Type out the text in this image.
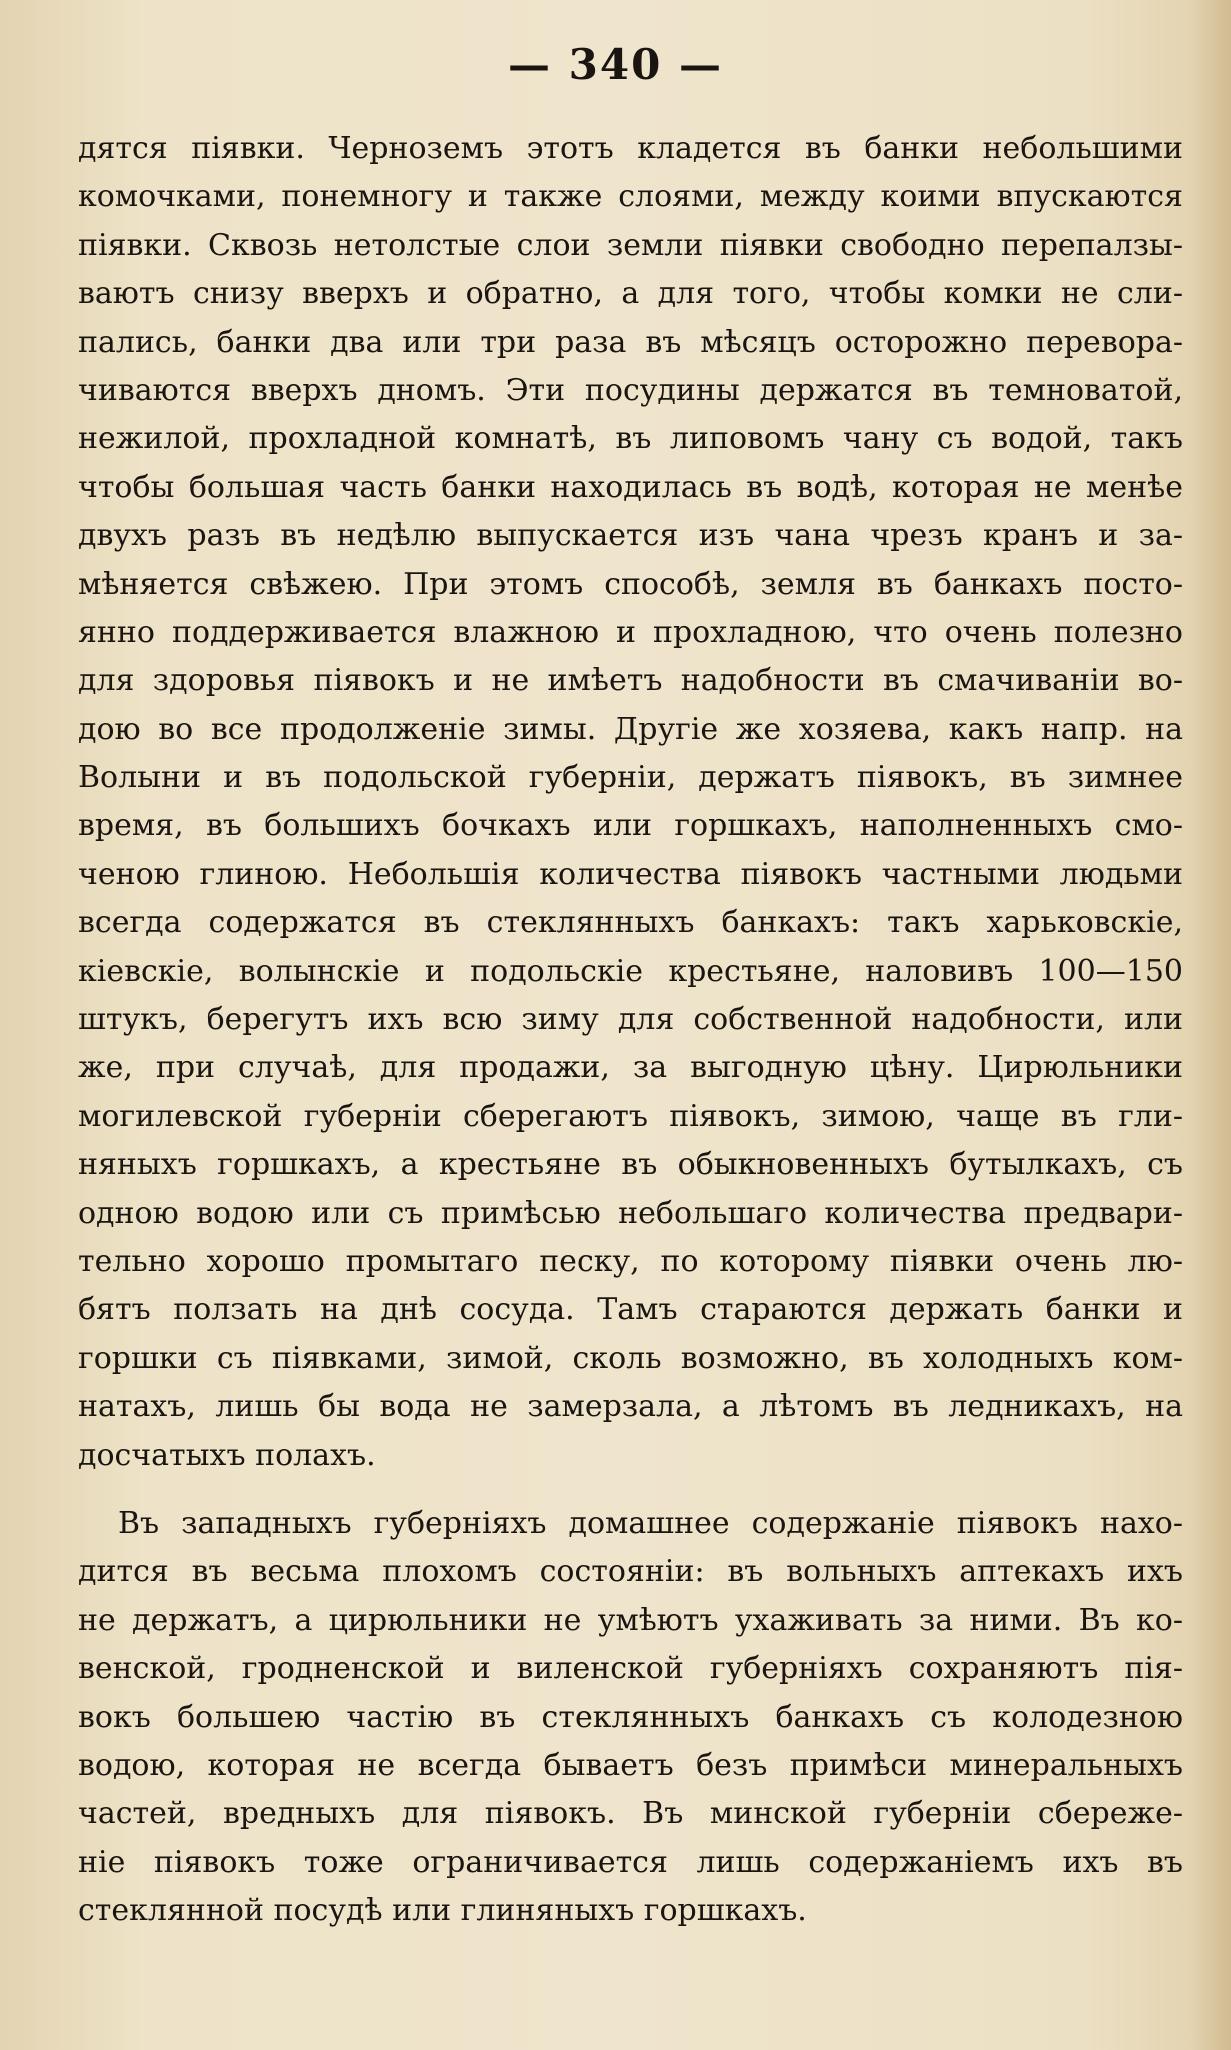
— 340 —
дятся піявки. Черноземъ этотъ кладется въ банки небольшими
комочками, понемногу и также слоями, между коими впускаются
піявки. Сквозь нетолстые слои земли піявки свободно перепалзы-
ваютъ снизу вверхъ и обратно, а для того, чтобы комки не сли-
пались, банки два или три раза въ мѣсяцъ осторожно перевора-
чиваются вверхъ дномъ. Эти посудины держатся въ темноватой,
нежилой, прохладной комнатѣ, въ липовомъ чану съ водой, такъ
чтобы большая часть банки находилась въ водѣ, которая не менѣе
двухъ разъ въ недѣлю выпускается изъ чана чрезъ кранъ и за-
мѣняется свѣжею. При этомъ способѣ, земля въ банкахъ посто-
янно поддерживается влажною и прохладною, что очень полезно
для здоровья піявокъ и не имѣетъ надобности въ смачиваніи во-
дою во все продолженіе зимы. Другіе же хозяева, какъ напр. на
Волыни и въ подольской губерніи, держатъ піявокъ, въ зимнее
время, въ большихъ бочкахъ или горшкахъ, наполненныхъ смо-
ченою глиною. Небольшія количества піявокъ частными людьми
всегда содержатся въ стеклянныхъ банкахъ: такъ харьковскіе,
кіевскіе, волынскіе и подольскіе крестьяне, наловивъ 100—150
штукъ, берегутъ ихъ всю зиму для собственной надобности, или
же, при случаѣ, для продажи, за выгодную цѣну. Цирюльники
могилевской губерніи сберегаютъ піявокъ, зимою, чаще въ гли-
няныхъ горшкахъ, а крестьяне въ обыкновенныхъ бутылкахъ, съ
одною водою или съ примѣсью небольшаго количества предвари-
тельно хорошо промытаго песку, по которому піявки очень лю-
бятъ ползать на днѣ сосуда. Тамъ стараются держать банки и
горшки съ піявками, зимой, сколь возможно, въ холодныхъ ком-
натахъ, лишь бы вода не замерзала, а лѣтомъ въ ледникахъ, на
досчатыхъ полахъ.
Въ западныхъ губерніяхъ домашнее содержаніе піявокъ нахо-
дится въ весьма плохомъ состояніи: въ вольныхъ аптекахъ ихъ
не держатъ, а цирюльники не умѣютъ ухаживать за ними. Въ ко-
венской, гродненской и виленской губерніяхъ сохраняютъ пія-
вокъ большею частію въ стеклянныхъ банкахъ съ колодезною
водою, которая не всегда бываетъ безъ примѣси минеральныхъ
частей, вредныхъ для піявокъ. Въ минской губерніи сбереже-
ніе піявокъ тоже ограничивается лишь содержаніемъ ихъ въ
стеклянной посудѣ или глиняныхъ горшкахъ.
